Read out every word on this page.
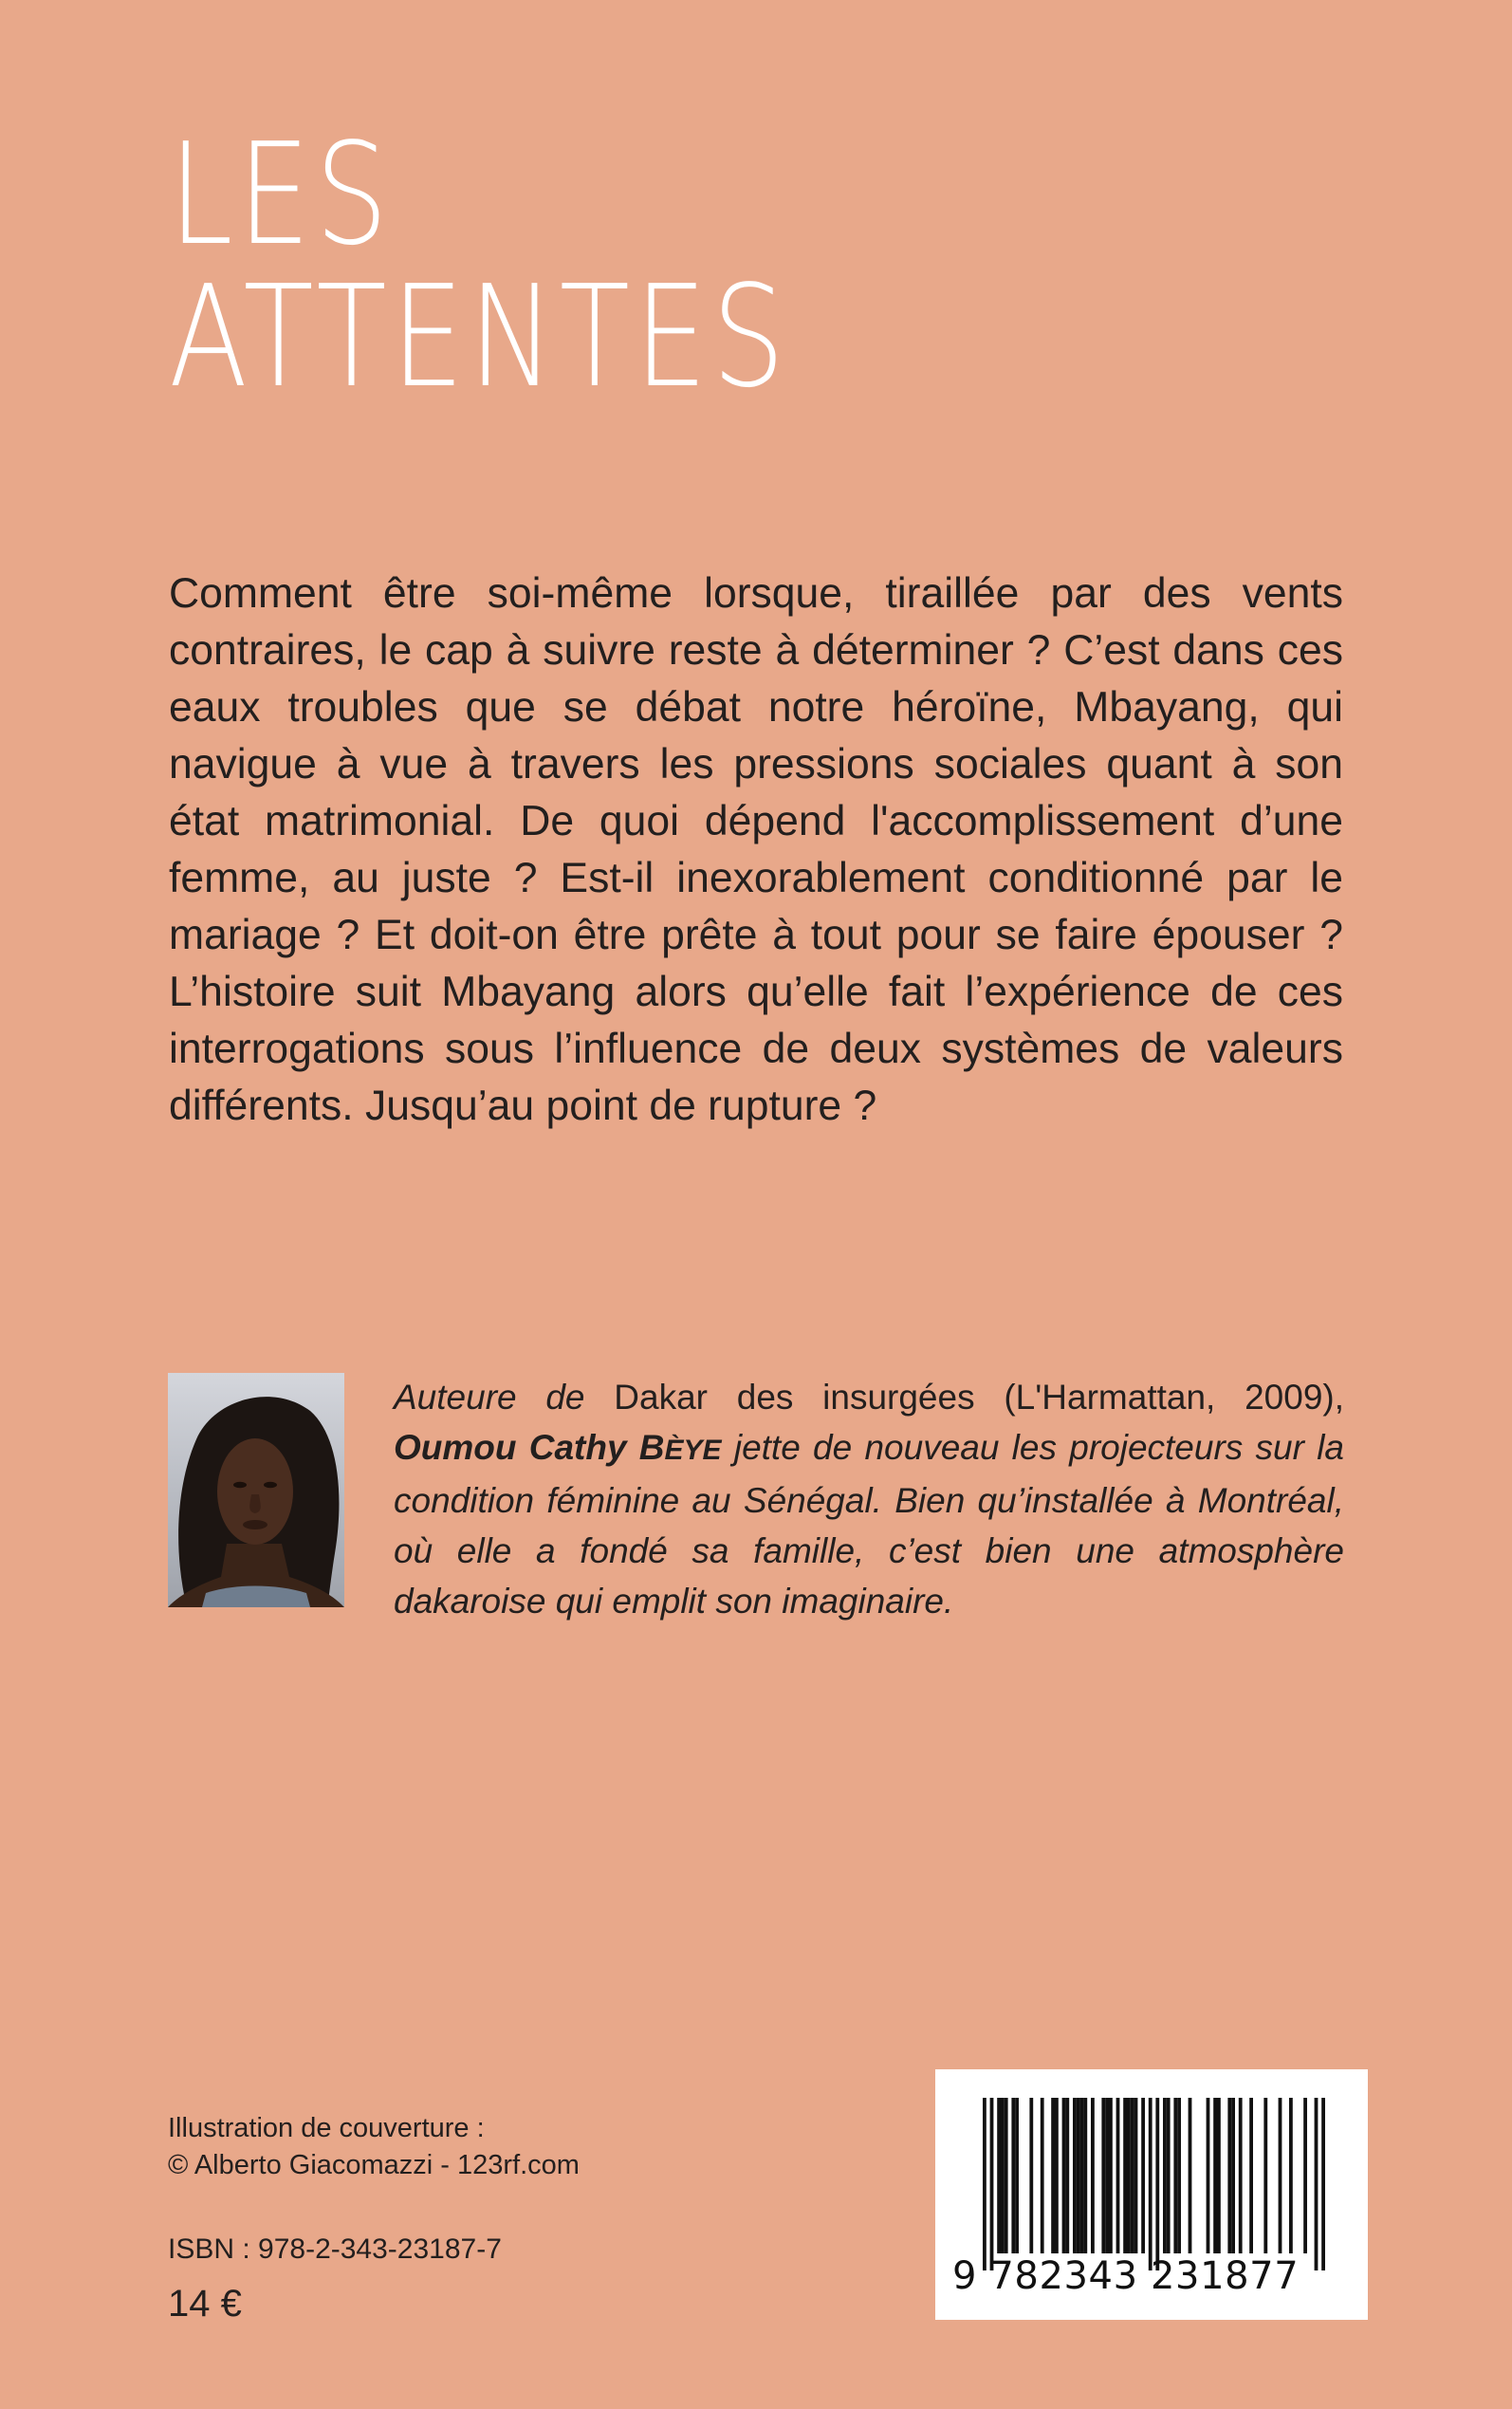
LES
ATTENTES

Comment être soi-même lorsque, tiraillée par des vents contraires, le cap à suivre reste à déterminer ? C’est dans ces eaux troubles que se débat notre héroïne, Mbayang, qui navigue à vue à travers les pressions sociales quant à son état matrimonial. De quoi dépend l'accomplissement d’une femme, au juste ? Est-il inexorablement conditionné par le mariage ? Et doit-on être prête à tout pour se faire épouser ? L’histoire suit Mbayang alors qu’elle fait l’expérience de ces interrogations sous l’influence de deux systèmes de valeurs différents. Jusqu’au point de rupture ?

Auteure de Dakar des insurgées (L'Harmattan, 2009), Oumou Cathy BÈYE jette de nouveau les projecteurs sur la condition féminine au Sénégal. Bien qu’installée à Montréal, où elle a fondé sa famille, c’est bien une atmosphère dakaroise qui emplit son imaginaire.

Illustration de couverture :
© Alberto Giacomazzi - 123rf.com

ISBN : 978-2-343-23187-7

14 €

9 782343 231877
